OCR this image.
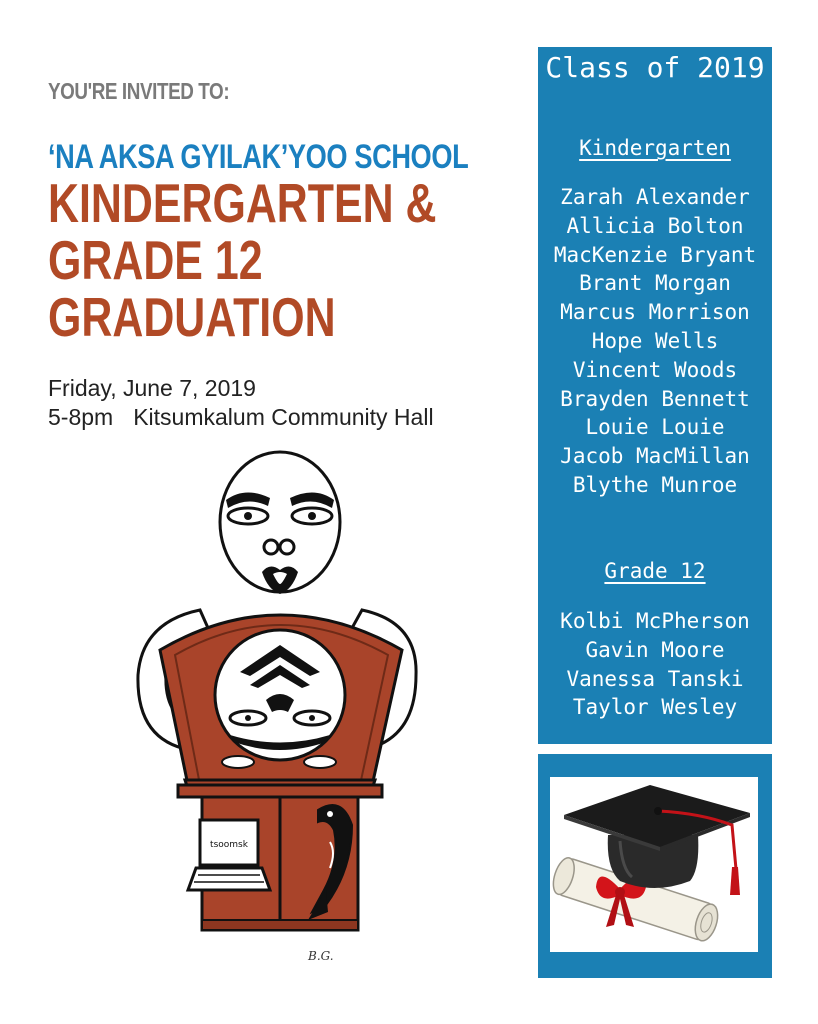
YOU'RE INVITED TO:
‘NA AKSA GYILAK’YOO SCHOOL
KINDERGARTEN &
GRADE 12
GRADUATION
Friday, June 7, 2019
5-8pm Kitsumkalum Community Hall
tsoomsk
B.G.
Class of 2019
Kindergarten
Zarah Alexander
Allicia Bolton
MacKenzie Bryant
Brant Morgan
Marcus Morrison
Hope Wells
Vincent Woods
Brayden Bennett
Louie Louie
Jacob MacMillan
Blythe Munroe
Grade 12
Kolbi McPherson
Gavin Moore
Vanessa Tanski
Taylor Wesley
